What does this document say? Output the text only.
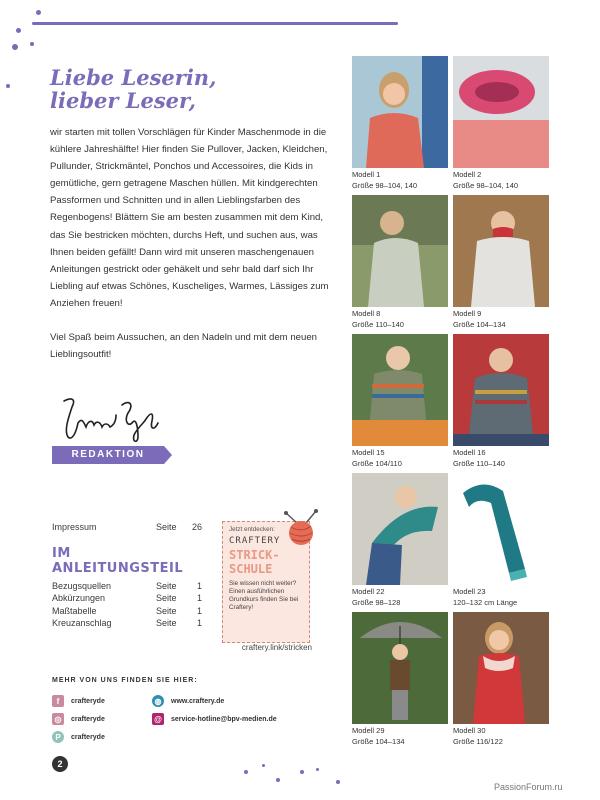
Liebe Leserin,
lieber Leser,

wir starten mit tollen Vorschlägen für Kinder Maschenmode in die kühlere Jahreshälfte! Hier finden Sie Pullover, Jacken, Kleidchen, Pullunder, Strickmäntel, Ponchos und Accessoires, die Kids in gemütliche, gern getragene Maschen hüllen. Mit kindgerechten Passformen und Schnitten und in allen Lieblingsfarben des Regenbogens! Blättern Sie am besten zusammen mit dem Kind, das Sie bestricken möchten, durchs Heft, und suchen aus, was Ihnen beiden gefällt! Dann wird mit unseren maschengenauen Anleitungen gestrickt oder gehäkelt und sehr bald darf sich Ihr Liebling auf etwas Schönes, Kuscheliges, Warmes, Lässiges zum Anziehen freuen!

Viel Spaß beim Aussuchen, an den Nadeln und mit dem neuen Lieblingsoutfit!

REDAKTION
Impressum	Seite 26
IM ANLEITUNGSTEIL
Bezugsquellen	Seite 1
Abkürzungen	Seite 1
Maßtabelle	Seite 1
Kreuzanschlag	Seite 1
Jetzt entdecken:
CRAFTERY
STRICK-
SCHULE
Sie wissen nicht weiter? Einen ausführlichen Grundkurs finden Sie bei Craftery!
craftery.link/stricken
MEHR VON UNS FINDEN SIE HIER:
f	crafteryde
◎	crafteryde
P	crafteryde
◍	www.craftery.de
@ service-hotline@bpv-medien.de
2
PassionForum.ru
Modell 1
Größe 98–104, 140
Modell 2
Größe 98–104, 140
Modell 8
Größe 110–140
Modell 9
Größe 104–134
Modell 15
Größe 104/110
Modell 16
Größe 110–140
Modell 22
Größe 98–128
Modell 23
120–132 cm Länge
Modell 29
Größe 104–134
Modell 30
Größe 116/122
